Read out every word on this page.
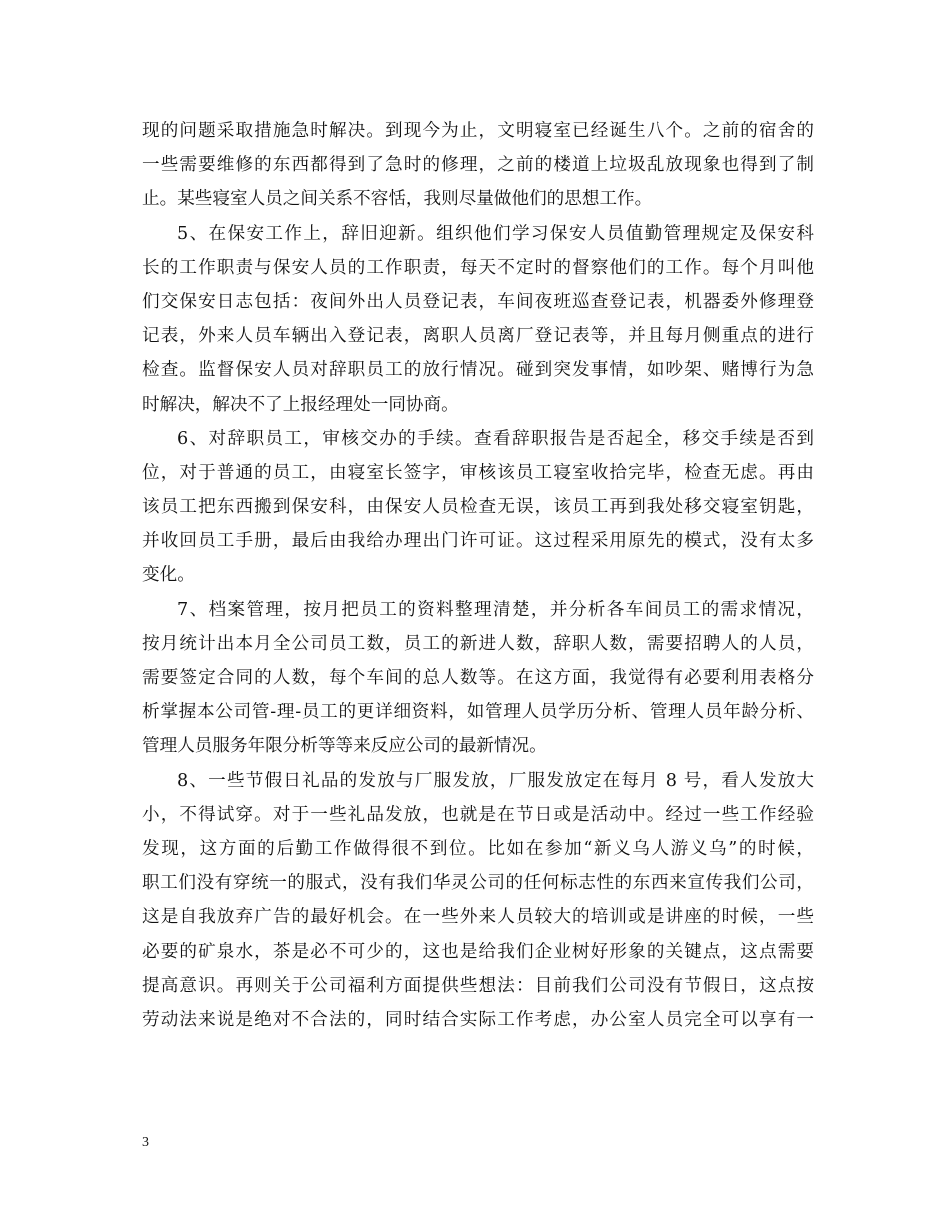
现的问题采取措施急时解决。到现今为止，文明寝室已经诞生八个。之前的宿舍的
一些需要维修的东西都得到了急时的修理，之前的楼道上垃圾乱放现象也得到了制
止。某些寝室人员之间关系不容恬，我则尽量做他们的思想工作。
5、在保安工作上，辞旧迎新。组织他们学习保安人员值勤管理规定及保安科
长的工作职责与保安人员的工作职责，每天不定时的督察他们的工作。每个月叫他
们交保安日志包括：夜间外出人员登记表，车间夜班巡查登记表，机器委外修理登
记表，外来人员车辆出入登记表，离职人员离厂登记表等，并且每月侧重点的进行
检查。监督保安人员对辞职员工的放行情况。碰到突发事情，如吵架、赌博行为急
时解决，解决不了上报经理处一同协商。
6、对辞职员工，审核交办的手续。查看辞职报告是否起全，移交手续是否到
位，对于普通的员工，由寝室长签字，审核该员工寝室收拾完毕，检查无虑。再由
该员工把东西搬到保安科，由保安人员检查无误，该员工再到我处移交寝室钥匙，
并收回员工手册，最后由我给办理出门许可证。这过程采用原先的模式，没有太多
变化。
7、档案管理，按月把员工的资料整理清楚，并分析各车间员工的需求情况，
按月统计出本月全公司员工数，员工的新进人数，辞职人数，需要招聘人的人员，
需要签定合同的人数，每个车间的总人数等。在这方面，我觉得有必要利用表格分
析掌握本公司管-理-员工的更详细资料，如管理人员学历分析、管理人员年龄分析、
管理人员服务年限分析等等来反应公司的最新情况。
8、一些节假日礼品的发放与厂服发放，厂服发放定在每月 8 号，看人发放大
小，不得试穿。对于一些礼品发放，也就是在节日或是活动中。经过一些工作经验
发现，这方面的后勤工作做得很不到位。比如在参加“新义乌人游义乌”的时候，
职工们没有穿统一的服式，没有我们华灵公司的任何标志性的东西来宣传我们公司，
这是自我放弃广告的最好机会。在一些外来人员较大的培训或是讲座的时候，一些
必要的矿泉水，茶是必不可少的，这也是给我们企业树好形象的关键点，这点需要
提高意识。再则关于公司福利方面提供些想法：目前我们公司没有节假日，这点按
劳动法来说是绝对不合法的，同时结合实际工作考虑，办公室人员完全可以享有一
3
